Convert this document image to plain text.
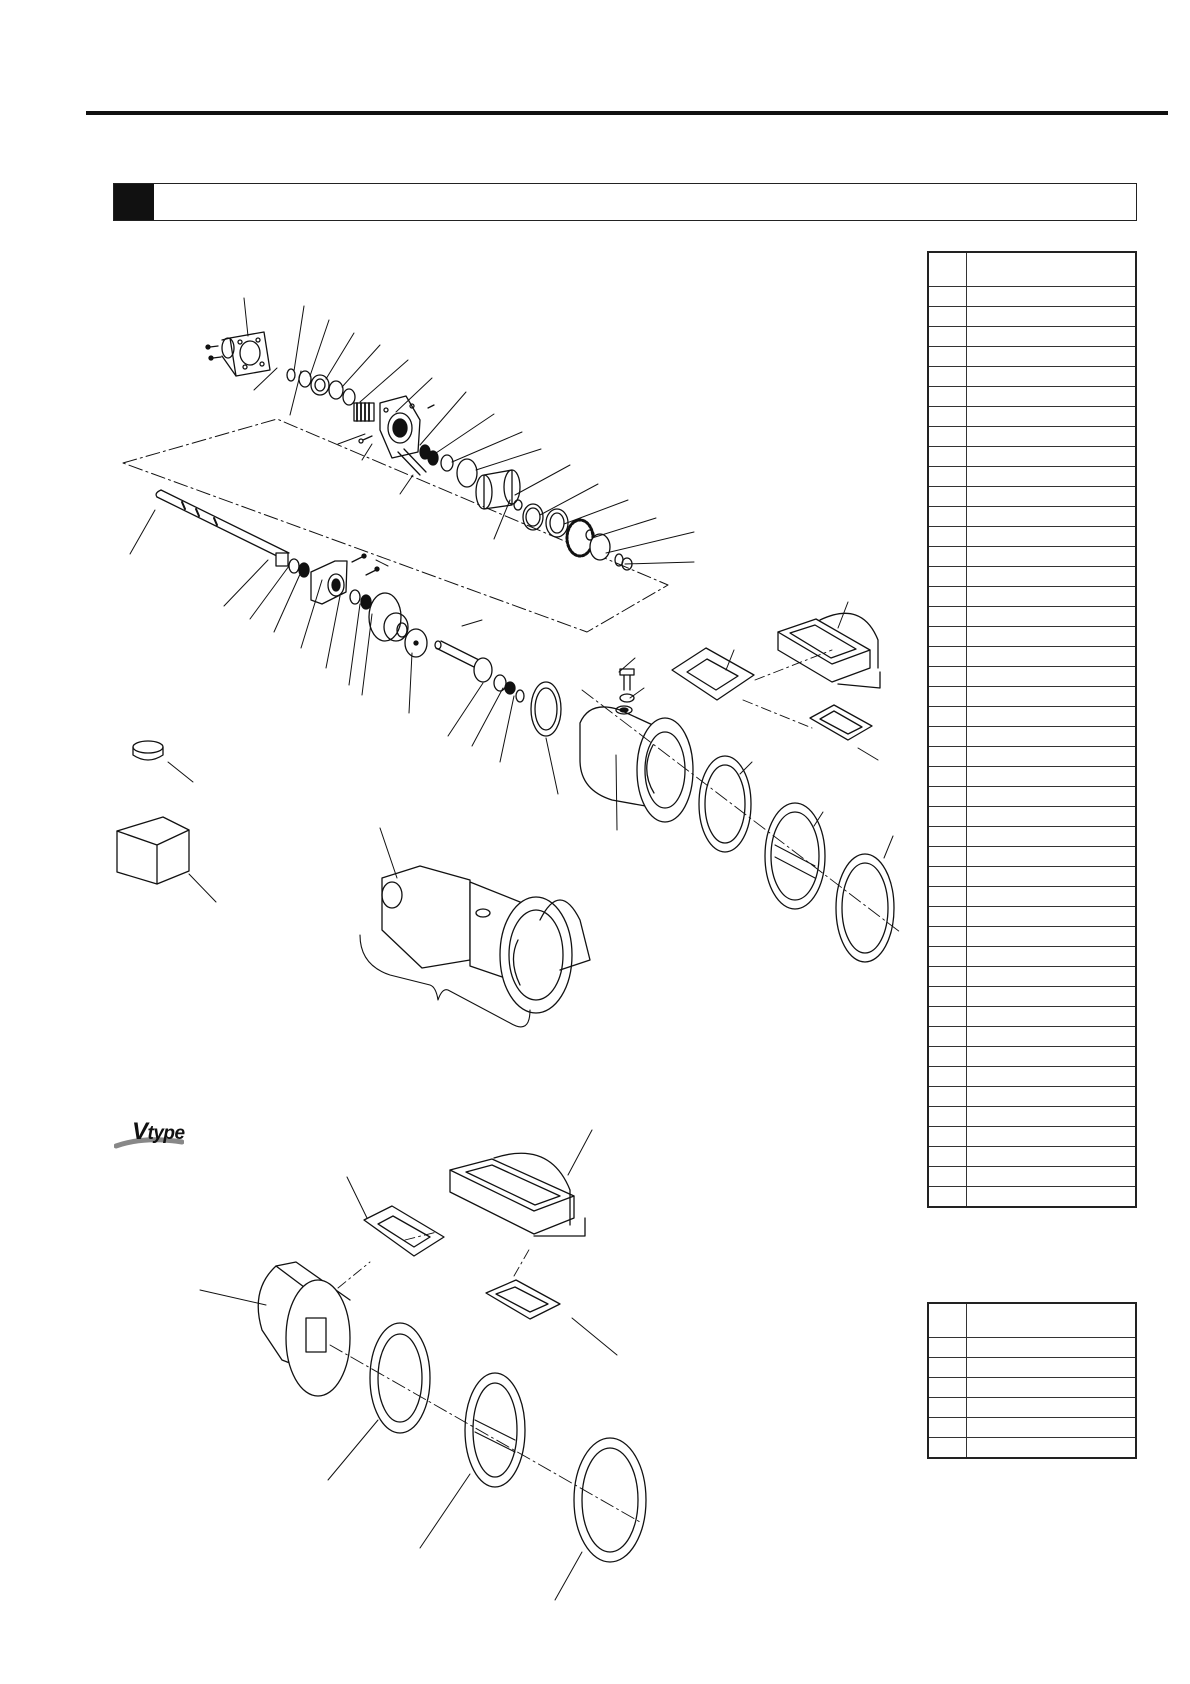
Vtype
